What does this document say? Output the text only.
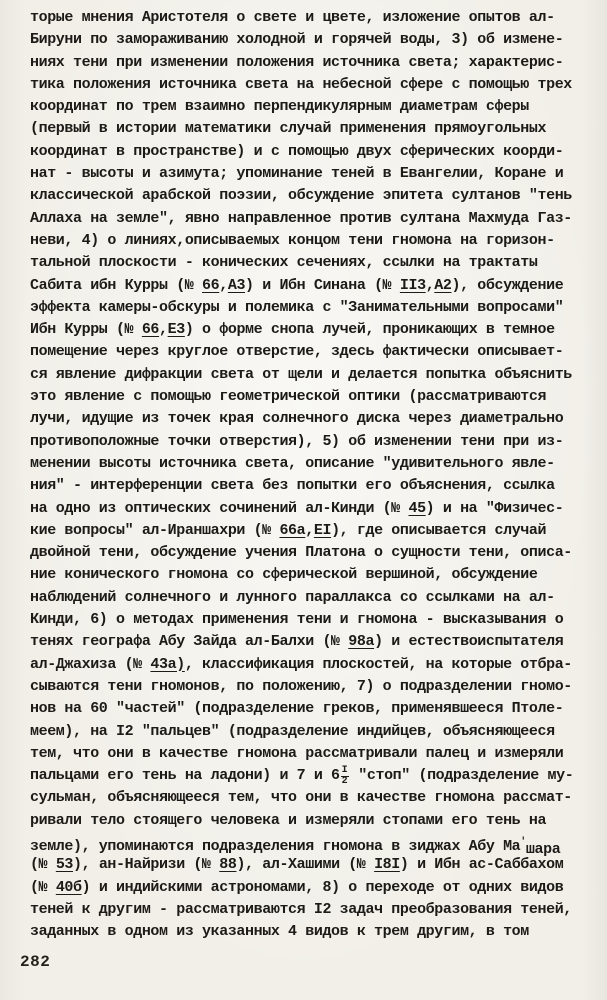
торые мнения Аристотеля о свете и цвете, изложение опытов ал-
Бируни по замораживанию холодной и горячей воды, 3) об измене-
ниях тени при изменении положения источника света; характерис-
тика положения источника света на небесной сфере с помощью трех
координат по трем взаимно перпендикулярным диаметрам сферы
(первый в истории математики случай применения прямоугольных
координат в пространстве) и с помощью двух сферических коорди-
нат - высоты и азимута; упоминание теней в Евангелии, Коране и
классической арабской поэзии, обсуждение эпитета султанов "тень
Аллаха на земле", явно направленное против султана Махмуда Газ-
неви, 4) о линиях,описываемых концом тени гномона на горизон-
тальной плоскости - конических сечениях, ссылки на трактаты
Сабита ибн Курры (№ 66,А3) и Ибн Синана (№ II3,А2), обсуждение
эффекта камеры-обскуры и полемика с "Занимательными вопросами"
Ибн Курры (№ 66,Е3) о форме снопа лучей, проникающих в темное
помещение через круглое отверстие, здесь фактически описывает-
ся явление дифракции света от щели и делается попытка объяснить
это явление с помощью геометрической оптики (рассматриваются
лучи, идущие из точек края солнечного диска через диаметрально
противоположные точки отверстия), 5) об изменении тени при из-
менении высоты источника света, описание "удивительного явле-
ния" - интерференции света без попытки его объяснения, ссылка
на одно из оптических сочинений ал-Кинди (№ 45) и на "Физичес-
кие вопросы" ал-Ираншахри (№ 66а,ЕI), где описывается случай
двойной тени, обсуждение учения Платона о сущности тени, описа-
ние конического гномона со сферической вершиной, обсуждение
наблюдений солнечного и лунного параллакса со ссылками на ал-
Кинди, 6) о методах применения тени и гномона - высказывания о
тенях географа Абу Зайда ал-Балхи (№ 98а) и естествоиспытателя
ал-Джахиза (№ 43а), классификация плоскостей, на которые отбра-
сываются тени гномонов, по положению, 7) о подразделении гномо-
нов на 60 "частей" (подразделение греков, применявшееся Птоле-
меем), на I2 "пальцев" (подразделение индийцев, объясняющееся
тем, что они в качестве гномона рассматривали палец и измеряли
пальцами его тень на ладони) и 7 и $6 \frac{I}{2}$ "стоп" (подразделение му-
сульман, объясняющееся тем, что они в качестве гномона рассмат-
ривали тело стоящего человека и измеряли стопами его тень на
земле), упоминаются подразделения гномона в зиджах Абу Ма'шара
(№ 53), ан-Найризи (№ 88), ал-Хашими (№ I8I) и Ибн ас-Саббахом
(№ 40б) и индийскими астрономами, 8) о переходе от одних видов
теней к другим - рассматриваются I2 задач преобразования теней,
заданных в одном из указанных 4 видов к трем другим, в том
282
